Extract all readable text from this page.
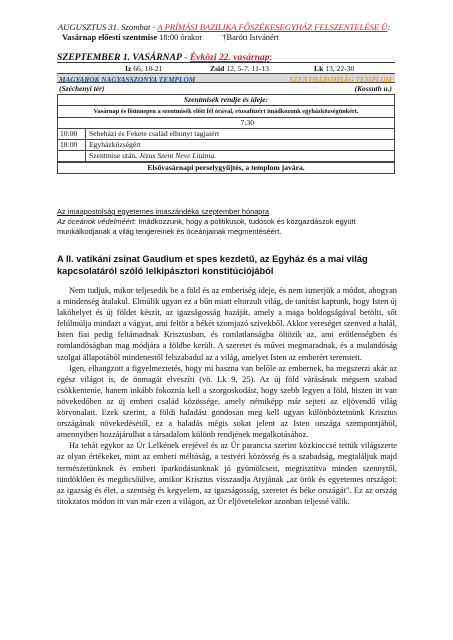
AUGUSZTUS 31. Szombat - A PRÍMÁSI BAZILIKA FŐSZÉKESEGYHÁZ FELSZENTELÉSE Ü:
Vasárnap előesti szentmise 18:00 órakor †Baróti Istvánért
SZEPTEMBER 1. VASÁRNAP - Évközi 22. vasárnap:
Iz 66, 18-21	Zsid 12, 5-7. 11-13	Lk 13, 22-30
MAGYAROK NAGYASSZONYA TEMPLOM	SZENTHÁROMSÁG TEMPLOM
(Széchenyi tér)	(Kossuth u.)
Szentmisék rendje és ideje:
Vasárnap és főünnepen a szentmisék előtt fél órával, rózsafüzért imádkozunk egyházközségünkért.
7:30
10:00	Sebeházi és Fekete család elhunyt tagjaiért
18:00	Egyházközségért
Szentmise után, Jézus Szent Neve Litánia.
Elsővasárnapi perselygyűjtés, a templom javára.
Az imaapostolság egyetemes imaszándéka szeptember hónapra
Az óceánok védelméért: Imádkozzunk, hogy a politikusok, tudósok és közgazdászok együtt munkálkodjanak a világ tengereinek és óceánjainak megmentéséért.
A II. vatikáni zsinat Gaudium et spes kezdetű, az Egyház és a mai világ kapcsolatáról szóló lelkipásztori konstitúciójából

Nem tudjuk, mikor teljesedik be a föld és az emberiség ideje, és nem ismerjük a módot, ahogyan a mindenség átalakul. Elmúlik ugyan ez a bűn miatt eltorzult világ, de tanítást kaptunk, hogy Isten új lakóhelyet és új földet készít, az igazságosság hazáját, amely a maga boldogságával betölti, sőt felülmúlja mindazt a vágyat, ami feltör a békét szomjazó szívekből. Akkor vereséget szenved a halál, Isten fiai pedig feltámadnak Krisztusban, és romlatlanságba öltözik az, ami erőtlenségben és romlandóságban mag módjára a földbe került. A szeretet és művei megmaradnak, és a mulandóság szolgai állapotából mindenestől felszabadul az a világ, amelyet Isten az emberért teremtett.

Igen, elhangzott a figyelmeztetés, hogy mi haszna van belőle az embernek, ha megszerzi akár az egész világot is, de önmagát elveszíti (vö. Lk 9, 25). Az új föld várásának mégsem szabad csökkentenie, hanem inkább fokoznia kell a szorgoskodást, hogy szebb legyen a föld, hiszen itt van növekedőben az új emberi család közössége, amely némiképp már sejteti az eljövendő világ körvonalait. Ezek szerint, a földi haladást gondosan meg kell ugyan különböztetnünk Krisztus országának növekedésétől, ez a haladás mégis sokat jelent az Isten országa szempontjából, amennyiben hozzájárulhat a társadalom különb rendjének megalkotásához.

Ha tehát egykor az Úr Lelkének erejével és az Úr parancsa szerint közkinccsé tettük világszerte az olyan értékeket, mint az emberi méltóság, a testvéri közösség és a szabadság, megtaláljuk majd természetünknek és emberi iparkodásunknak jó gyümölcseit, megtisztítva minden szennytől, tündöklően és megdicsőülve, amikor Krisztus visszaadja Atyjának „az örök és egyetemes országot: az igazság és élet, a szentség és kegyelem, az igazságosság, szeretet és béke országát". Ez az ország titokzatos módon itt van már ezen a világon, az Úr eljövetelekor azonban teljessé válik.
